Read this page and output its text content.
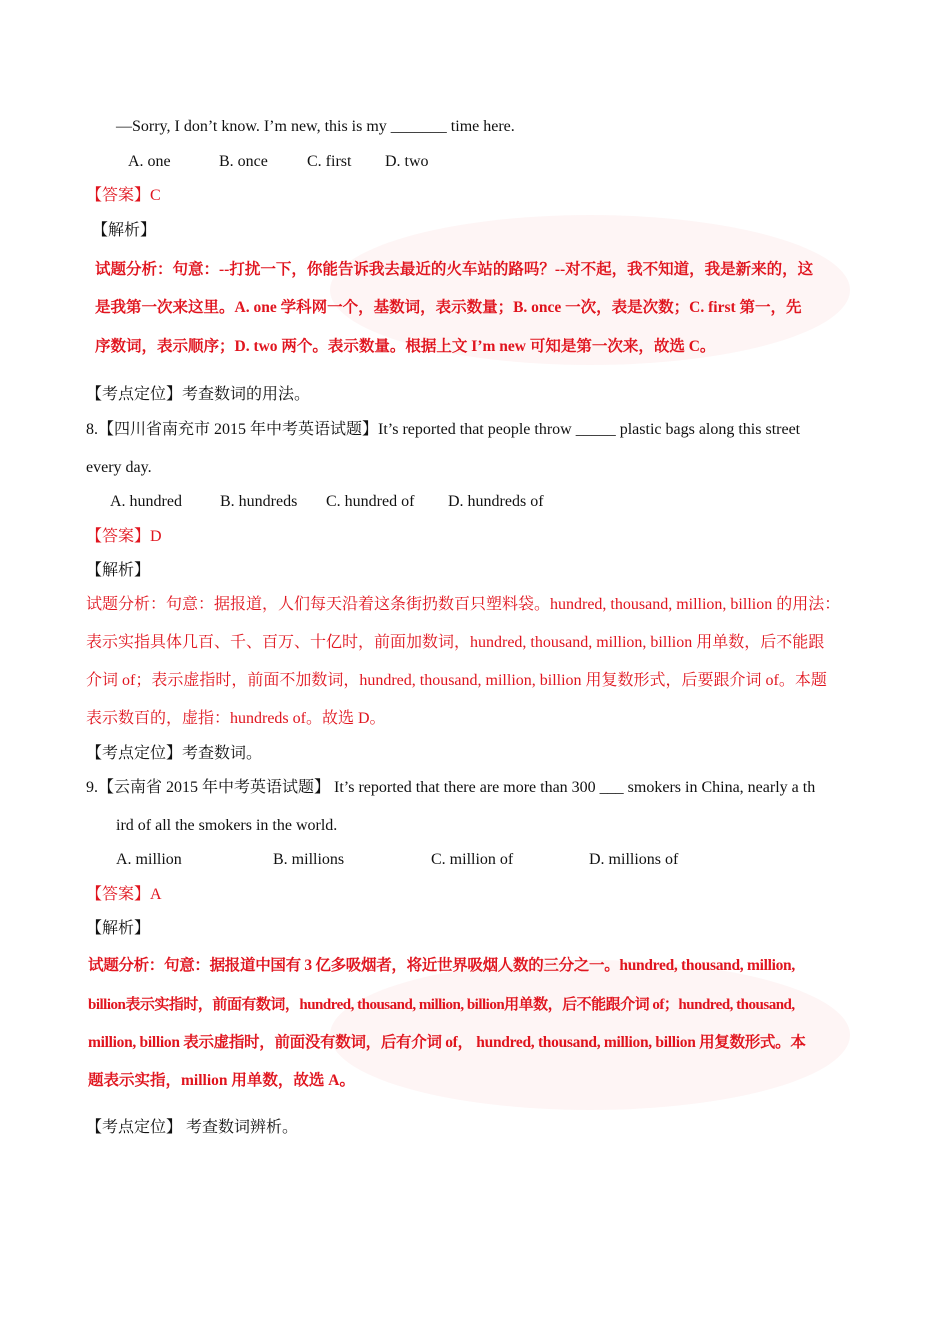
—Sorry, I don’t know. I’m new, this is my _______ time here.
A. one	B. once C. first D. two
【答案】C
【解析】
试题分析：句意：--打扰一下，你能告诉我去最近的火车站的路吗？--对不起，我不知道，我是新来的，这
是我第一次来这里。A. one 学科网一个，基数词，表示数量；B. once 一次，表是次数；C. first 第一，先
序数词，表示顺序；D. two 两个。表示数量。根据上文 I’m new 可知是第一次来，故选 C。
【考点定位】考查数词的用法。
8.【四川省南充市 2015 年中考英语试题】It’s reported that people throw _____ plastic bags along this street
every day.
A. hundred B. hundreds C. hundred of D. hundreds of
【答案】D
【解析】
试题分析：句意：据报道，人们每天沿着这条街扔数百只塑料袋。hundred, thousand, million, billion 的用法：
表示实指具体几百、千、百万、十亿时，前面加数词，hundred, thousand, million, billion 用单数，后不能跟
介词 of；表示虚指时，前面不加数词，hundred, thousand, million, billion 用复数形式，后要跟介词 of。本题
表示数百的，虚指：hundreds of。故选 D。
【考点定位】考查数词。
9.【云南省 2015 年中考英语试题】 It’s reported that there are more than 300 ___ smokers in China, nearly a th
ird of all the smokers in the world.
A. million	B. millions	C. million of	D. millions of
【答案】A
【解析】
试题分析：句意：据报道中国有 3 亿多吸烟者，将近世界吸烟人数的三分之一。hundred, thousand, million,
billion表示实指时，前面有数词，hundred, thousand, million, billion用单数，后不能跟介词 of；hundred, thousand,
million, billion 表示虚指时，前面没有数词，后有介词 of， hundred, thousand, million, billion 用复数形式。本
题表示实指，million 用单数，故选 A。
【考点定位】 考查数词辨析。
